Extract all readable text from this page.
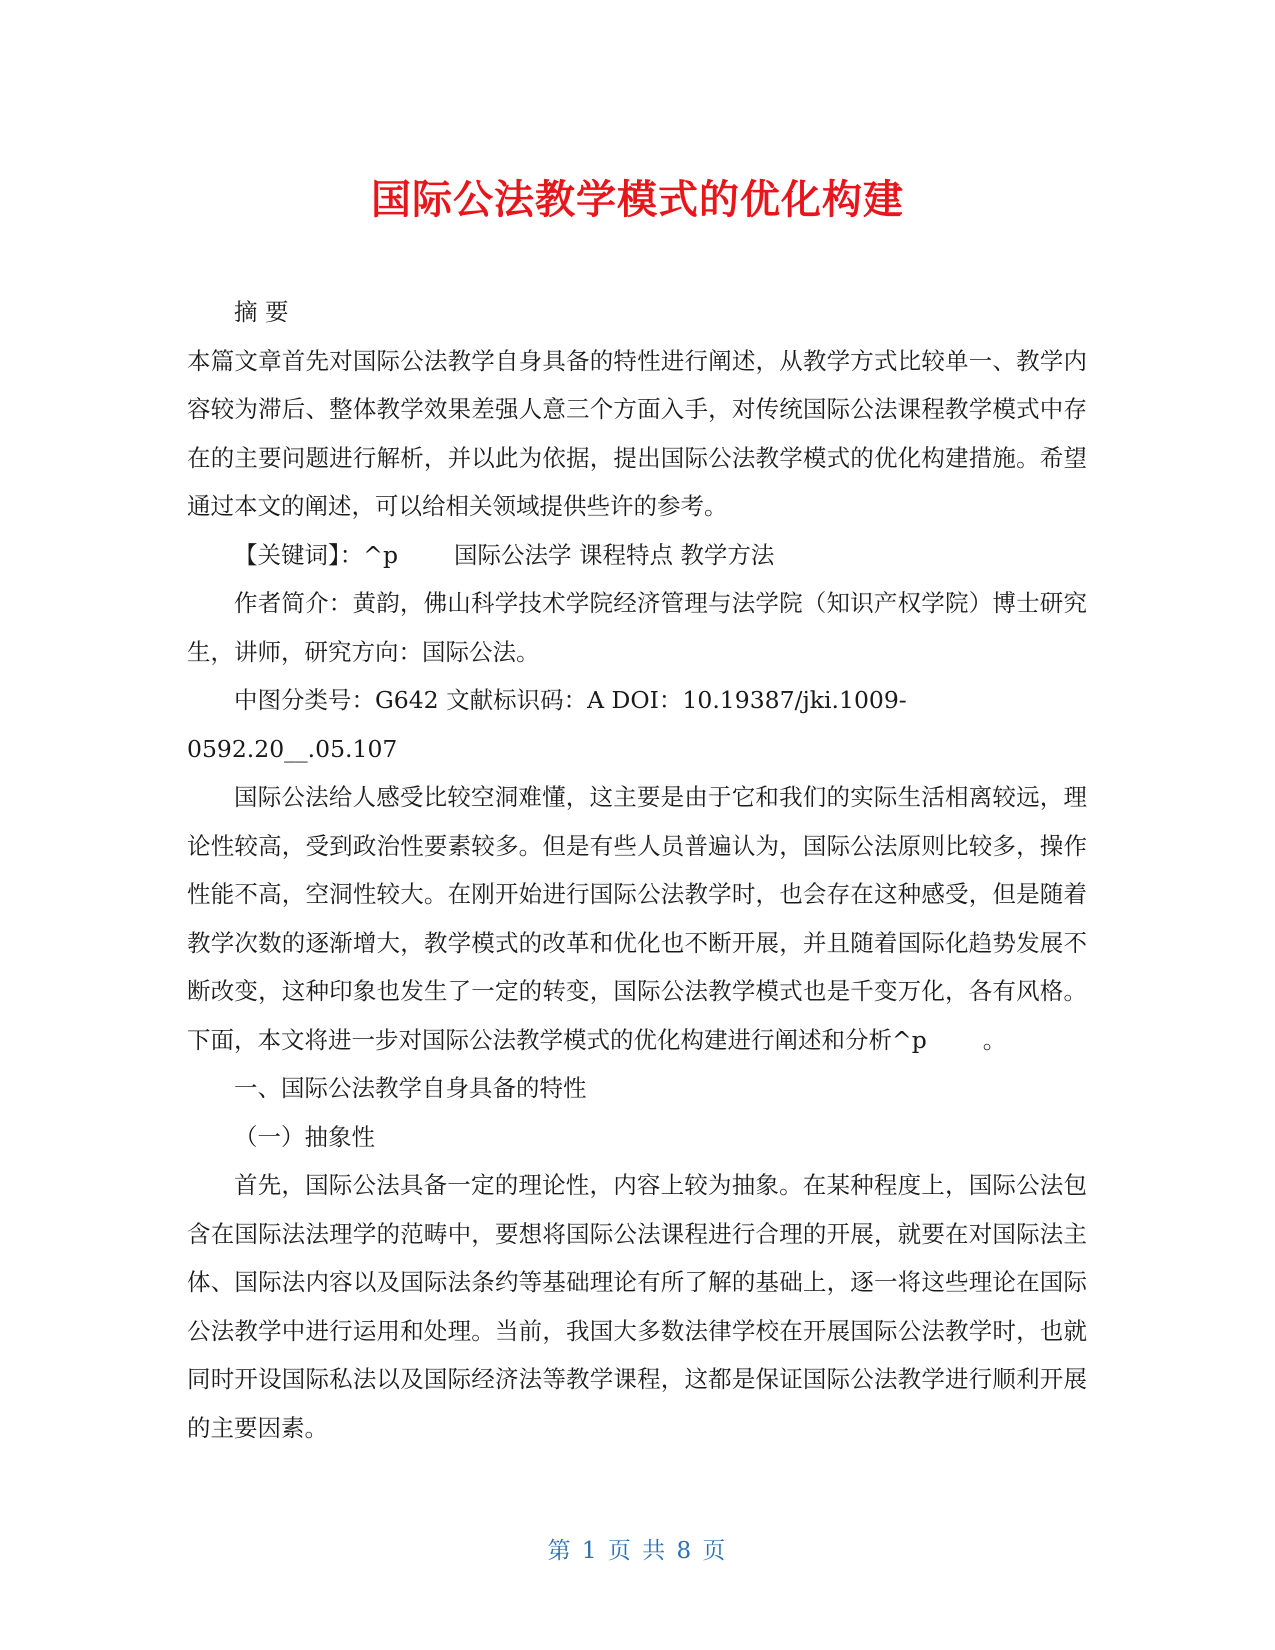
国际公法教学模式的优化构建

摘 要

本篇文章首先对国际公法教学自身具备的特性进行阐述，从教学方式比较单一、教学内容较为滞后、整体教学效果差强人意三个方面入手，对传统国际公法课程教学模式中存在的主要问题进行解析，并以此为依据，提出国际公法教学模式的优化构建措施。希望通过本文的阐述，可以给相关领域提供些许的参考。

【关键词】：^p 国际公法学 课程特点 教学方法

作者简介：黄韵，佛山科学技术学院经济管理与法学院（知识产权学院）博士研究生，讲师，研究方向：国际公法。

中图分类号：G642 文献标识码：A DOI：10.19387/jki.1009-

0592.20__.05.107

国际公法给人感受比较空洞难懂，这主要是由于它和我们的实际生活相离较远，理论性较高，受到政治性要素较多。但是有些人员普遍认为，国际公法原则比较多，操作性能不高，空洞性较大。在刚开始进行国际公法教学时，也会存在这种感受，但是随着教学次数的逐渐增大，教学模式的改革和优化也不断开展，并且随着国际化趋势发展不断改变，这种印象也发生了一定的转变，国际公法教学模式也是千变万化，各有风格。下面，本文将进一步对国际公法教学模式的优化构建进行阐述和分析^p 。

一、国际公法教学自身具备的特性

（一）抽象性

首先，国际公法具备一定的理论性，内容上较为抽象。在某种程度上，国际公法包含在国际法法理学的范畴中，要想将国际公法课程进行合理的开展，就要在对国际法主体、国际法内容以及国际法条约等基础理论有所了解的基础上，逐一将这些理论在国际公法教学中进行运用和处理。当前，我国大多数法律学校在开展国际公法教学时，也就同时开设国际私法以及国际经济法等教学课程，这都是保证国际公法教学进行顺利开展的主要因素。

第 1 页 共 8 页
